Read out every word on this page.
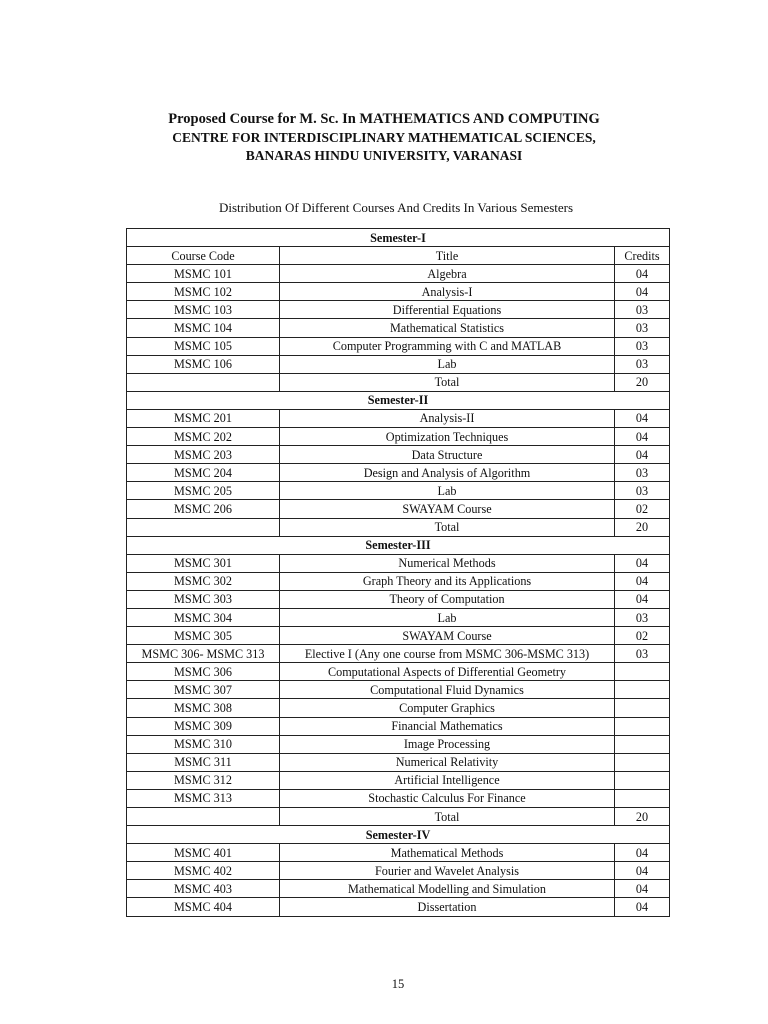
Proposed Course for M. Sc. In MATHEMATICS AND COMPUTING
CENTRE FOR INTERDISCIPLINARY MATHEMATICAL SCIENCES,
BANARAS HINDU UNIVERSITY, VARANASI
Distribution Of Different Courses And Credits In Various Semesters
Semester-I		
Course Code	Title	Credits
MSMC 101	Algebra	04
MSMC 102	Analysis-I	04
MSMC 103	Differential Equations	03
MSMC 104	Mathematical Statistics	03
MSMC 105	Computer Programming with C and MATLAB	03
MSMC 106	Lab	03
	Total	20
Semester-II		
MSMC 201	Analysis-II	04
MSMC 202	Optimization Techniques	04
MSMC 203	Data Structure	04
MSMC 204	Design and Analysis of Algorithm	03
MSMC 205	Lab	03
MSMC 206	SWAYAM Course	02
	Total	20
Semester-III		
MSMC 301	Numerical Methods	04
MSMC 302	Graph Theory and its Applications	04
MSMC 303	Theory of Computation	04
MSMC 304	Lab	03
MSMC 305	SWAYAM Course	02
MSMC 306- MSMC 313	Elective I (Any one course from MSMC 306-MSMC 313)	03
MSMC 306	Computational Aspects of Differential Geometry	
MSMC 307	Computational Fluid Dynamics	
MSMC 308	Computer Graphics	
MSMC 309	Financial Mathematics	
MSMC 310	Image Processing	
MSMC 311	Numerical Relativity	
MSMC 312	Artificial Intelligence	
MSMC 313	Stochastic Calculus For Finance	
	Total	20
Semester-IV		
MSMC 401	Mathematical Methods	04
MSMC 402	Fourier and Wavelet Analysis	04
MSMC 403	Mathematical Modelling and Simulation	04
MSMC 404	Dissertation	04
15
